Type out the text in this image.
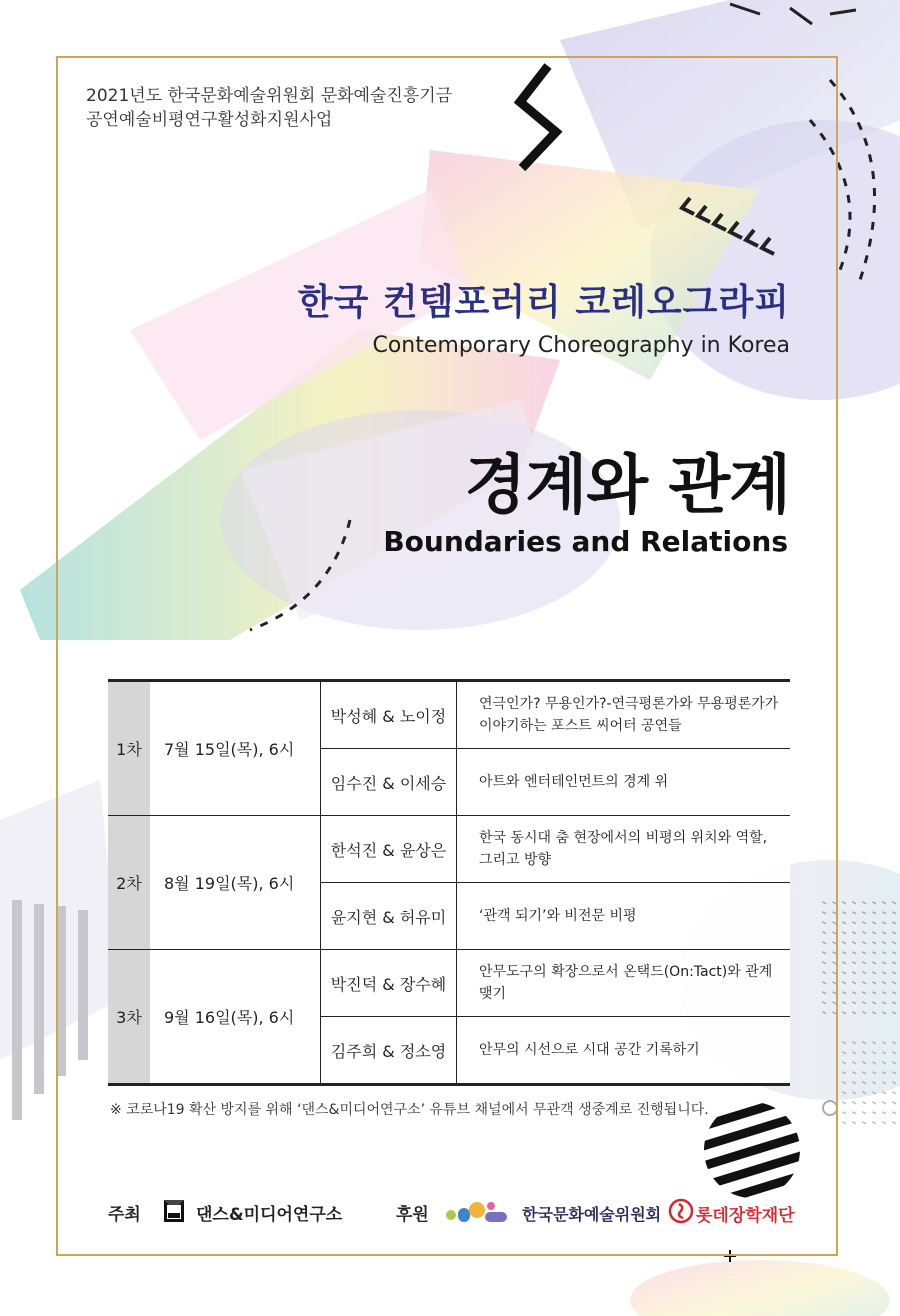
2021년도 한국문화예술위원회 문화예술진흥기금
공연예술비평연구활성화지원사업
한국 컨템포러리 코레오그라피
Contemporary Choreography in Korea
경계와 관계
Boundaries and Relations
1차	7월 15일(목), 6시	박성혜 & 노이정	연극인가? 무용인가?-연극평론가와 무용평론가가
이야기하는 포스트 씨어터 공연들

		임수진 & 이세승	아트와 엔터테인먼트의 경계 위

2차	8월 19일(목), 6시	한석진 & 윤상은	한국 동시대 춤 현장에서의 비평의 위치와 역할,
그리고 방향

		윤지현 & 허유미	‘관객 되기’와 비전문 비평

3차	9월 16일(목), 6시	박진덕 & 장수혜	안무도구의 확장으로서 온택드(On:Tact)와 관계 맺기

		김주희 & 정소영	안무의 시선으로 시대 공간 기록하기
※ 코로나19 확산 방지를 위해 ‘댄스&미디어연구소’ 유튜브 채널에서 무관객 생중계로 진행됩니다.
주최	댄스&미디어연구소	후원	한국문화예술위원회 롯데장학재단
